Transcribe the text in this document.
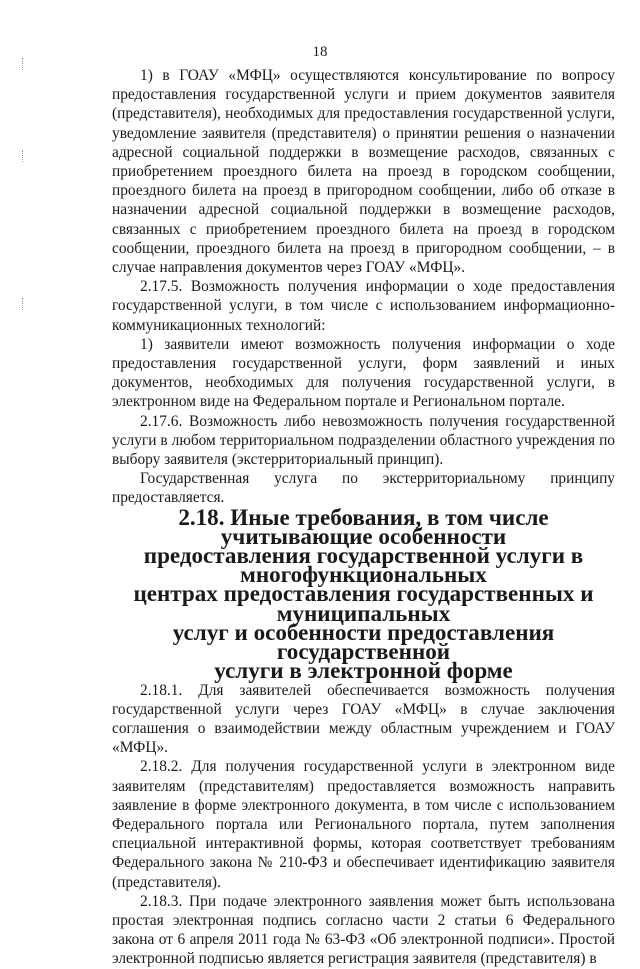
18

1) в ГОАУ «МФЦ» осуществляются консультирование по вопросу предоставления государственной услуги и прием документов заявителя (представителя), необходимых для предоставления государственной услуги, уведомление заявителя (представителя) о принятии решения о назначении адресной социальной поддержки в возмещение расходов, связанных с приобретением проездного билета на проезд в городском сообщении, проездного билета на проезд в пригородном сообщении, либо об отказе в назначении адресной социальной поддержки в возмещение расходов, связанных с приобретением проездного билета на проезд в городском сообщении, проездного билета на проезд в пригородном сообщении, – в случае направления документов через ГОАУ «МФЦ».

2.17.5. Возможность получения информации о ходе предоставления государственной услуги, в том числе с использованием информационно-коммуникационных технологий:

1) заявители имеют возможность получения информации о ходе предоставления государственной услуги, форм заявлений и иных документов, необходимых для получения государственной услуги, в электронном виде на Федеральном портале и Региональном портале.

2.17.6. Возможность либо невозможность получения государственной услуги в любом территориальном подразделении областного учреждения по выбору заявителя (экстерриториальный принцип).

Государственная услуга по экстерриториальному принципу предоставляется.

2.18. Иные требования, в том числе учитывающие особенности
предоставления государственной услуги в многофункциональных
центрах предоставления государственных и муниципальных
услуг и особенности предоставления государственной
услуги в электронной форме

2.18.1. Для заявителей обеспечивается возможность получения государственной услуги через ГОАУ «МФЦ» в случае заключения соглашения о взаимодействии между областным учреждением и ГОАУ «МФЦ».

2.18.2. Для получения государственной услуги в электронном виде заявителям (представителям) предоставляется возможность направить заявление в форме электронного документа, в том числе с использованием Федерального портала или Регионального портала, путем заполнения специальной интерактивной формы, которая соответствует требованиям Федерального закона № 210-ФЗ и обеспечивает идентификацию заявителя (представителя).

2.18.3. При подаче электронного заявления может быть использована простая электронная подпись согласно части 2 статьи 6 Федерального закона от 6 апреля 2011 года № 63-ФЗ «Об электронной подписи». Простой электронной подписью является регистрация заявителя (представителя) в
